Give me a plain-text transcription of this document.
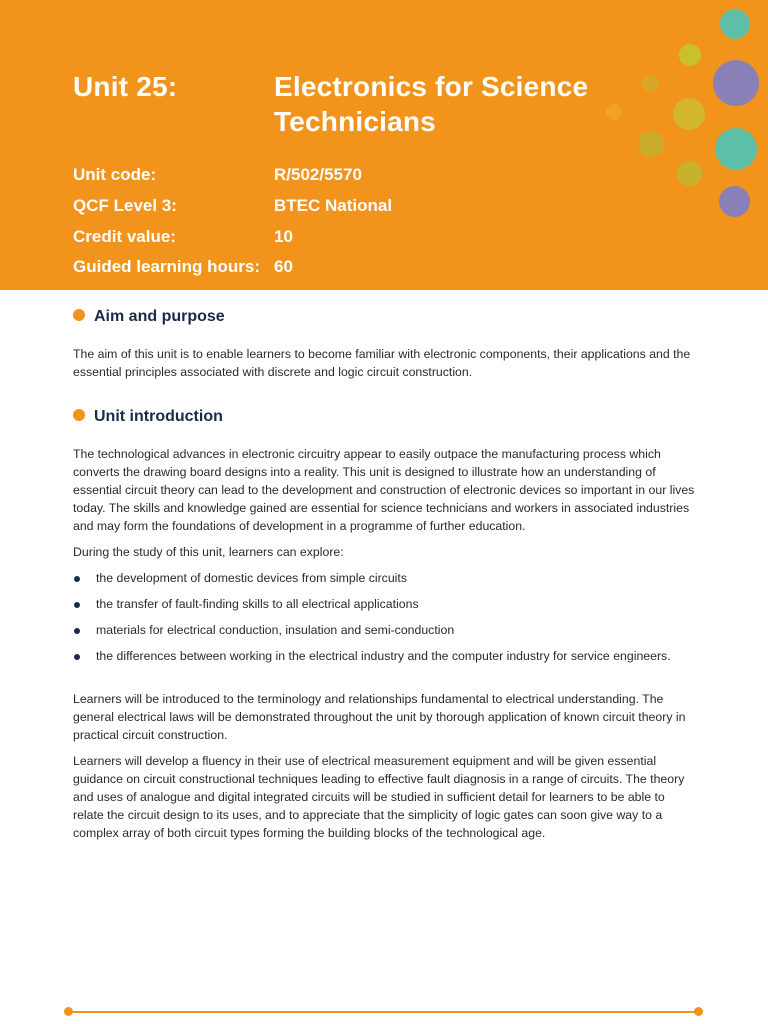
Unit 25:	Electronics for Science Technicians
Unit code:	R/502/5570
QCF Level 3:	BTEC National
Credit value:	10
Guided learning hours: 60
Aim and purpose
The aim of this unit is to enable learners to become familiar with electronic components, their applications and the essential principles associated with discrete and logic circuit construction.
Unit introduction
The technological advances in electronic circuitry appear to easily outpace the manufacturing process which converts the drawing board designs into a reality. This unit is designed to illustrate how an understanding of essential circuit theory can lead to the development and construction of electronic devices so important in our lives today. The skills and knowledge gained are essential for science technicians and workers in associated industries and may form the foundations of development in a programme of further education.
During the study of this unit, learners can explore:
the development of domestic devices from simple circuits
the transfer of fault-finding skills to all electrical applications
materials for electrical conduction, insulation and semi-conduction
the differences between working in the electrical industry and the computer industry for service engineers.
Learners will be introduced to the terminology and relationships fundamental to electrical understanding. The general electrical laws will be demonstrated throughout the unit by thorough application of known circuit theory in practical circuit construction.
Learners will develop a fluency in their use of electrical measurement equipment and will be given essential guidance on circuit constructional techniques leading to effective fault diagnosis in a range of circuits. The theory and uses of analogue and digital integrated circuits will be studied in sufficient detail for learners to be able to relate the circuit design to its uses, and to appreciate that the simplicity of logic gates can soon give way to a complex array of both circuit types forming the building blocks of the technological age.
